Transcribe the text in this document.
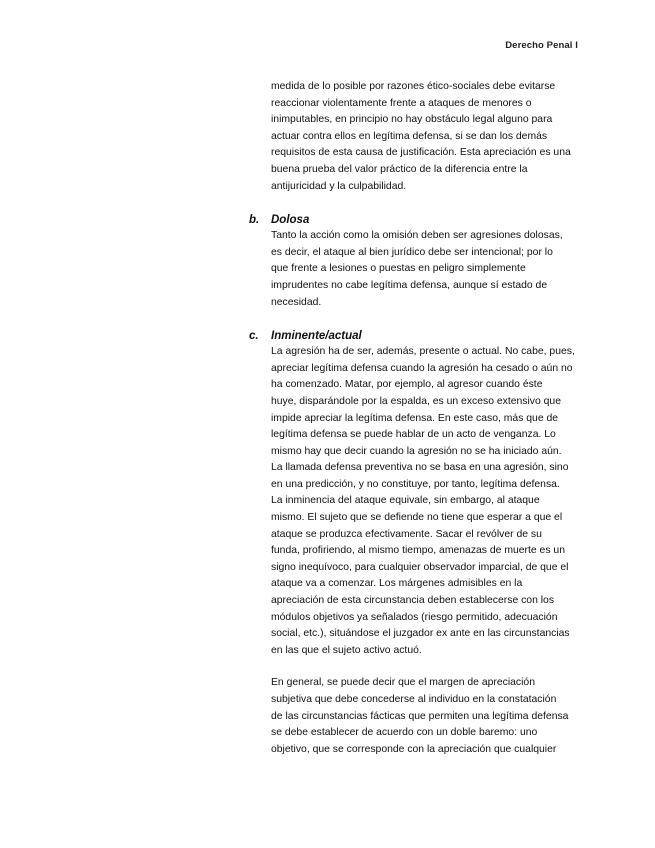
Derecho Penal I

medida de lo posible por razones ético-sociales debe evitarse
reaccionar violentamente frente a ataques de menores o
inimputables, en principio no hay obstáculo legal alguno para
actuar contra ellos en legítima defensa, si se dan los demás
requisitos de esta causa de justificación. Esta apreciación es una
buena prueba del valor práctico de la diferencia entre la
antijuricidad y la culpabilidad.

b. Dolosa

Tanto la acción como la omisión deben ser agresiones dolosas,
es decir, el ataque al bien jurídico debe ser intencional; por lo
que frente a lesiones o puestas en peligro simplemente
imprudentes no cabe legítima defensa, aunque sí estado de
necesidad.

c. Inminente/actual

La agresión ha de ser, además, presente o actual. No cabe, pues,
apreciar legítima defensa cuando la agresión ha cesado o aún no
ha comenzado. Matar, por ejemplo, al agresor cuando éste
huye, disparándole por la espalda, es un exceso extensivo que
impide apreciar la legítima defensa. En este caso, más que de
legítima defensa se puede hablar de un acto de venganza. Lo
mismo hay que decir cuando la agresión no se ha iniciado aún.
La llamada defensa preventiva no se basa en una agresión, sino
en una predicción, y no constituye, por tanto, legítima defensa.
La inminencia del ataque equivale, sin embargo, al ataque
mismo. El sujeto que se defiende no tiene que esperar a que el
ataque se produzca efectivamente. Sacar el revólver de su
funda, profiriendo, al mismo tiempo, amenazas de muerte es un
signo inequívoco, para cualquier observador imparcial, de que el
ataque va a comenzar. Los márgenes admisibles en la
apreciación de esta circunstancia deben establecerse con los
módulos objetivos ya señalados (riesgo permitido, adecuación
social, etc.), situándose el juzgador ex ante en las circunstancias
en las que el sujeto activo actuó.

En general, se puede decir que el margen de apreciación
subjetiva que debe concederse al individuo en la constatación
de las circunstancias fácticas que permiten una legítima defensa
se debe establecer de acuerdo con un doble baremo: uno
objetivo, que se corresponde con la apreciación que cualquier
